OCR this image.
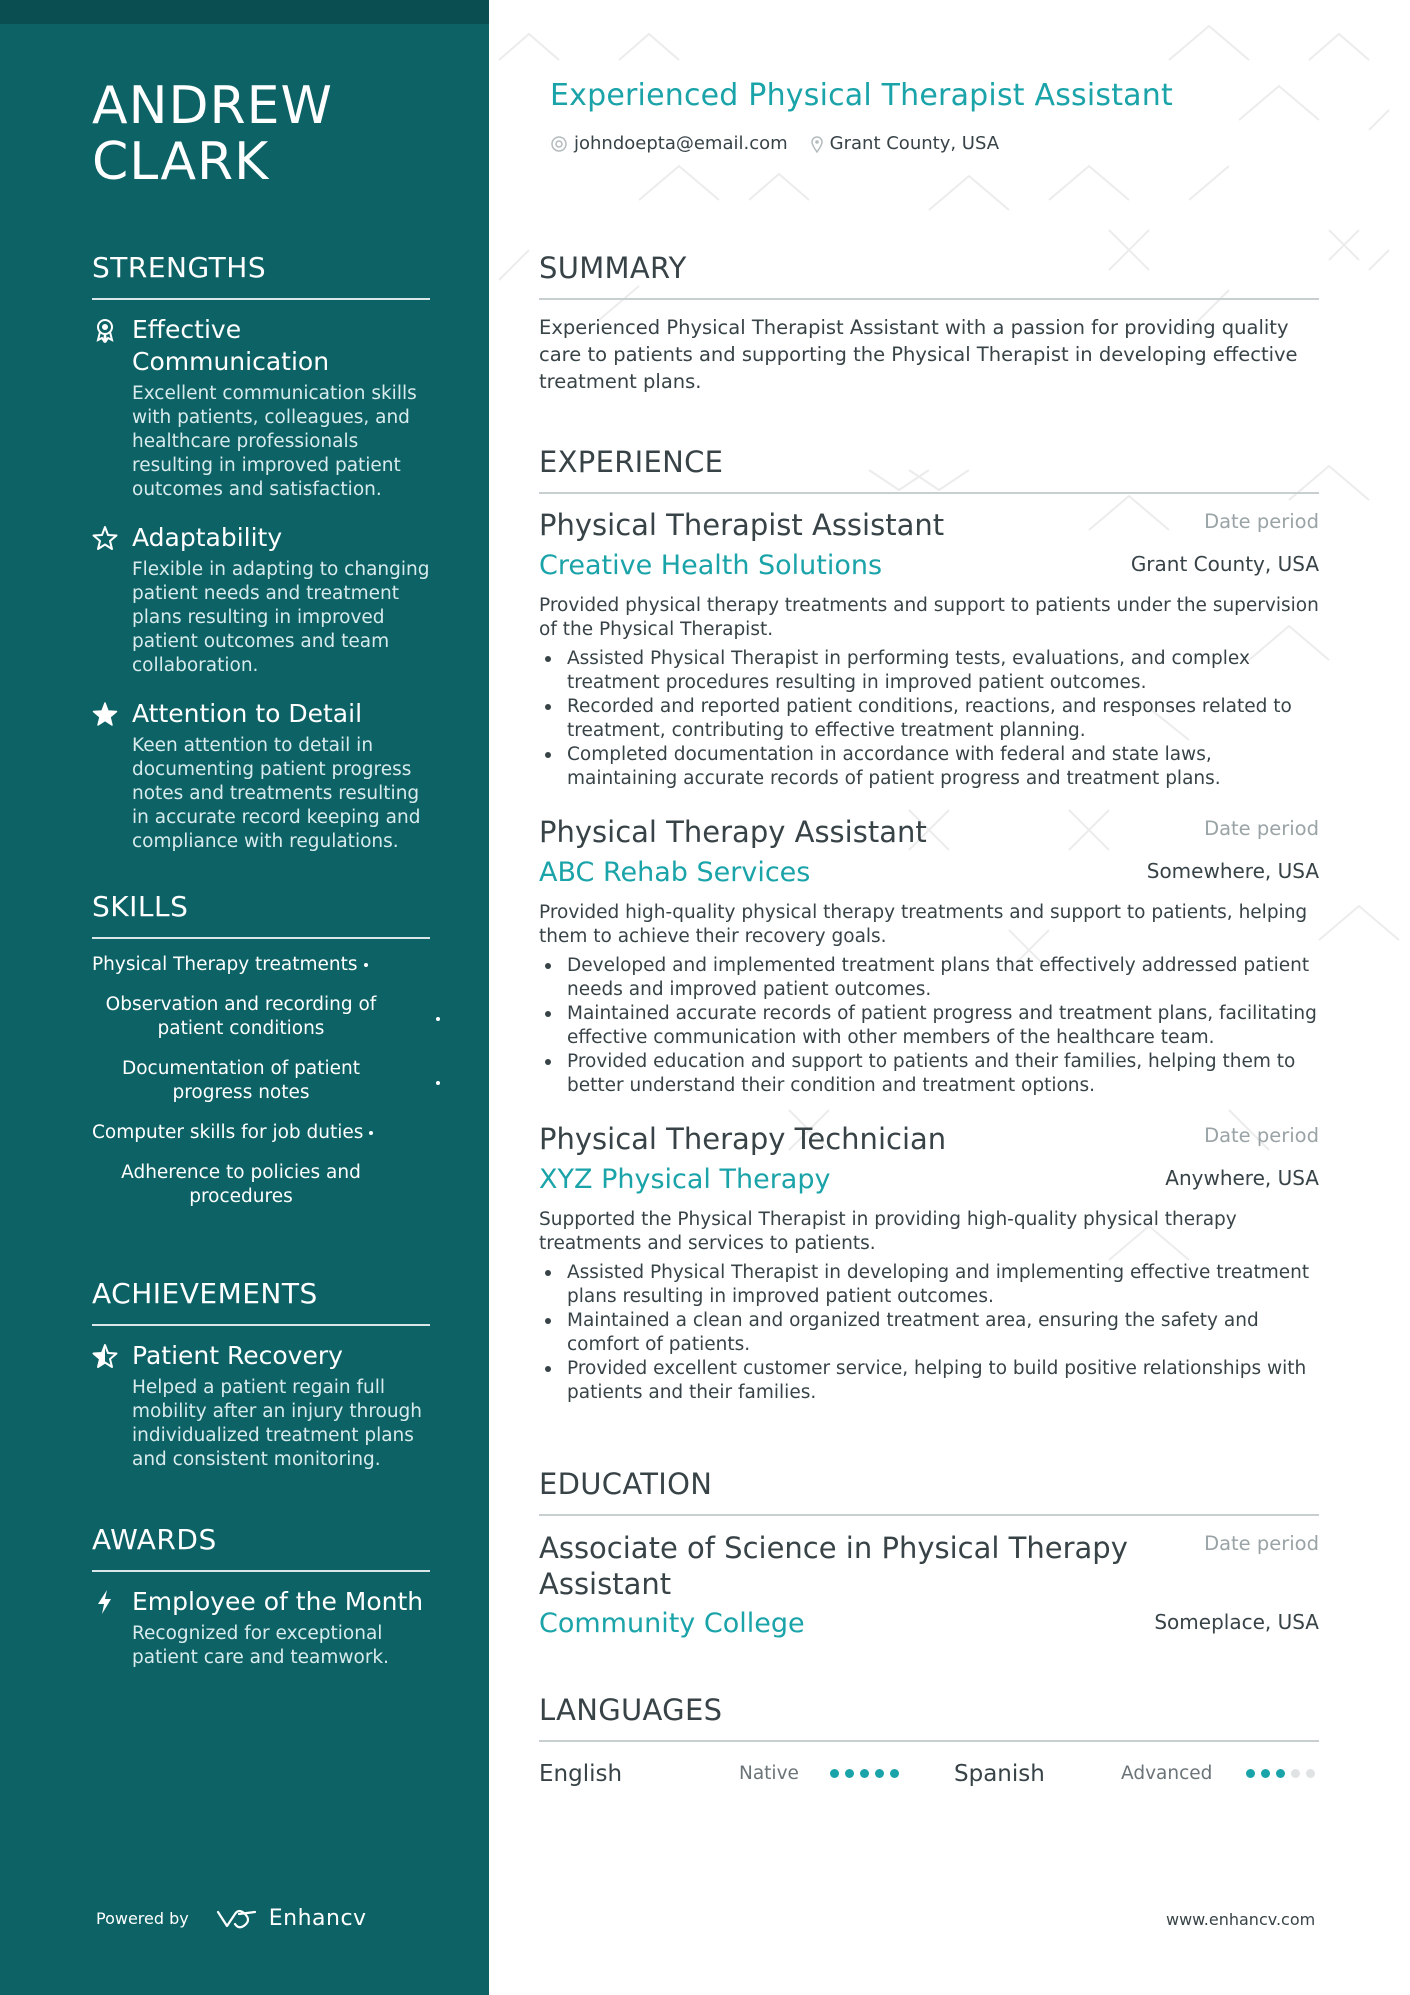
ANDREW
CLARK
STRENGTHS
Effective Communication
Excellent communication skills with patients, colleagues, and healthcare professionals resulting in improved patient outcomes and satisfaction.
Adaptability
Flexible in adapting to changing patient needs and treatment plans resulting in improved patient outcomes and team collaboration.
Attention to Detail
Keen attention to detail in documenting patient progress notes and treatments resulting in accurate record keeping and compliance with regulations.
SKILLS
Physical Therapy treatments
Observation and recording of patient conditions
Documentation of patient progress notes
Computer skills for job duties
Adherence to policies and procedures
ACHIEVEMENTS
Patient Recovery
Helped a patient regain full mobility after an injury through individualized treatment plans and consistent monitoring.
AWARDS
Employee of the Month
Recognized for exceptional patient care and teamwork.
Powered by	Enhancv
Experienced Physical Therapist Assistant
johndoepta@email.com Grant County, USA
SUMMARY
Experienced Physical Therapist Assistant with a passion for providing quality care to patients and supporting the Physical Therapist in developing effective treatment plans.
EXPERIENCE
Physical Therapist Assistant	Date period
Creative Health Solutions	Grant County, USA
Provided physical therapy treatments and support to patients under the supervision of the Physical Therapist.
Assisted Physical Therapist in performing tests, evaluations, and complex treatment procedures resulting in improved patient outcomes.
Recorded and reported patient conditions, reactions, and responses related to treatment, contributing to effective treatment planning.
Completed documentation in accordance with federal and state laws, maintaining accurate records of patient progress and treatment plans.
Physical Therapy Assistant	Date period
ABC Rehab Services	Somewhere, USA
Provided high-quality physical therapy treatments and support to patients, helping them to achieve their recovery goals.
Developed and implemented treatment plans that effectively addressed patient needs and improved patient outcomes.
Maintained accurate records of patient progress and treatment plans, facilitating effective communication with other members of the healthcare team.
Provided education and support to patients and their families, helping them to better understand their condition and treatment options.
Physical Therapy Technician	Date period
XYZ Physical Therapy	Anywhere, USA
Supported the Physical Therapist in providing high-quality physical therapy treatments and services to patients.
Assisted Physical Therapist in developing and implementing effective treatment plans resulting in improved patient outcomes.
Maintained a clean and organized treatment area, ensuring the safety and comfort of patients.
Provided excellent customer service, helping to build positive relationships with patients and their families.
EDUCATION
Associate of Science in Physical Therapy Assistant
Date period
Community College	Someplace, USA
LANGUAGES
English	Native	Spanish	Advanced
www.enhancv.com
